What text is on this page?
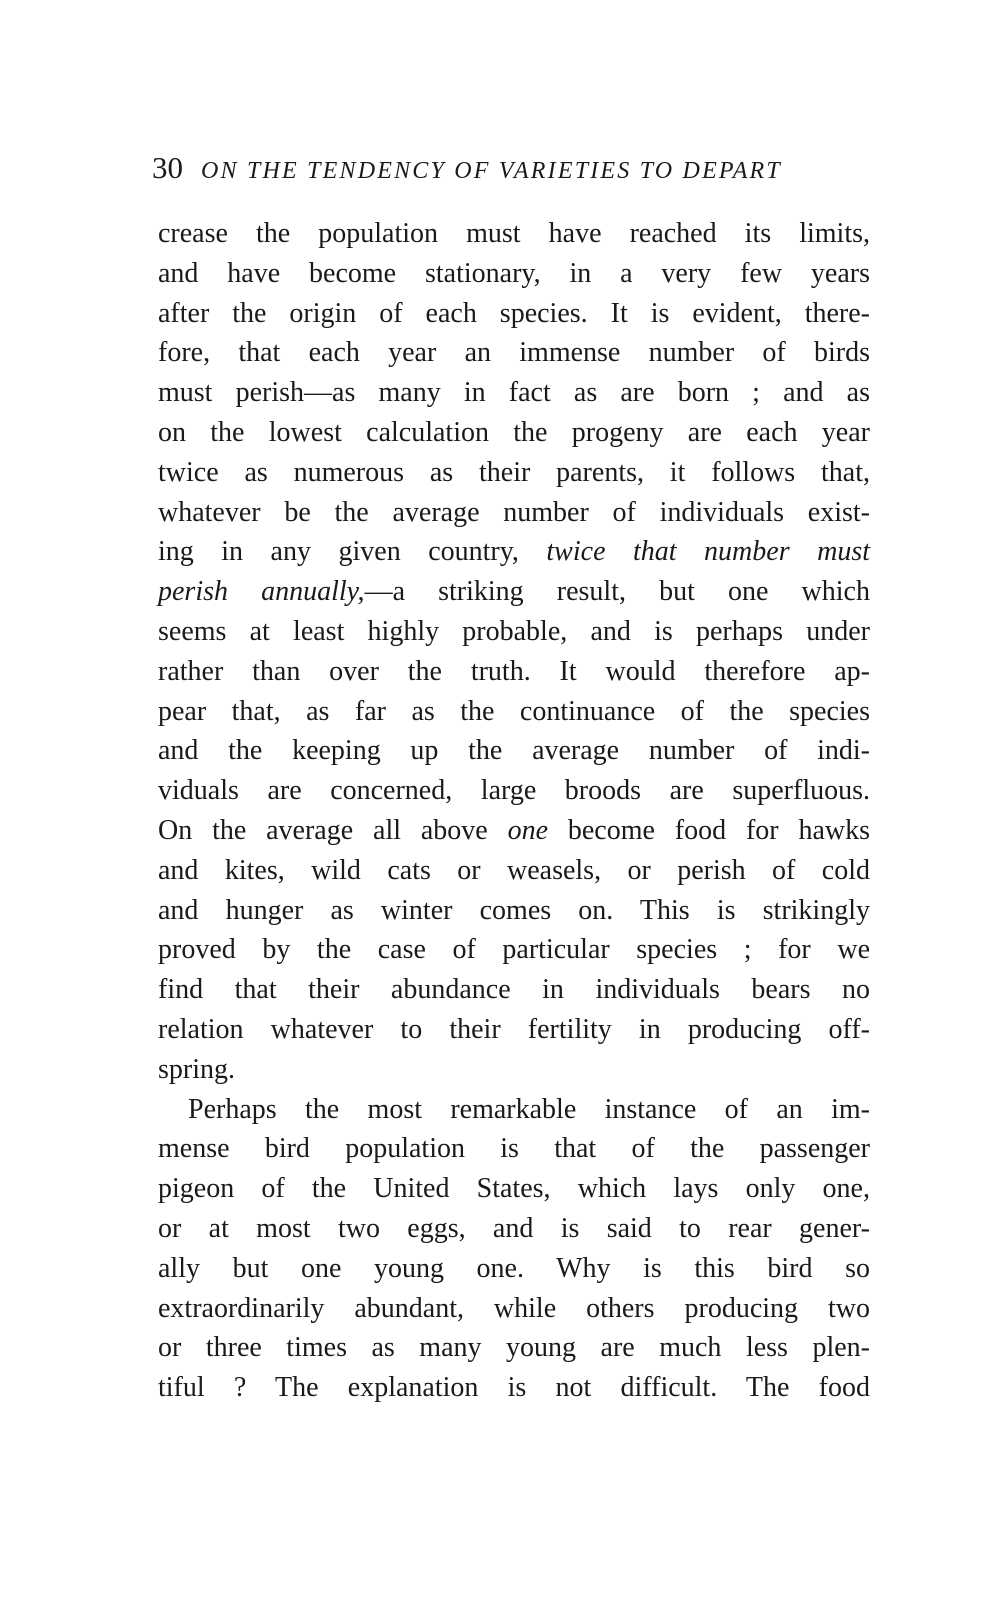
30 ON THE TENDENCY OF VARIETIES TO DEPART
crease the population must have reached its limits,
and have become stationary, in a very few years
after the origin of each species. It is evident, there-
fore, that each year an immense number of birds
must perish—as many in fact as are born ; and as
on the lowest calculation the progeny are each year
twice as numerous as their parents, it follows that,
whatever be the average number of individuals exist-
ing in any given country, twice that number must
perish annually,—a striking result, but one which
seems at least highly probable, and is perhaps under
rather than over the truth. It would therefore ap-
pear that, as far as the continuance of the species
and the keeping up the average number of indi-
viduals are concerned, large broods are superfluous.
On the average all above one become food for hawks
and kites, wild cats or weasels, or perish of cold
and hunger as winter comes on. This is strikingly
proved by the case of particular species ; for we
find that their abundance in individuals bears no
relation whatever to their fertility in producing off-
spring.
Perhaps the most remarkable instance of an im-
mense bird population is that of the passenger
pigeon of the United States, which lays only one,
or at most two eggs, and is said to rear gener-
ally but one young one. Why is this bird so
extraordinarily abundant, while others producing two
or three times as many young are much less plen-
tiful ? The explanation is not difficult. The food
